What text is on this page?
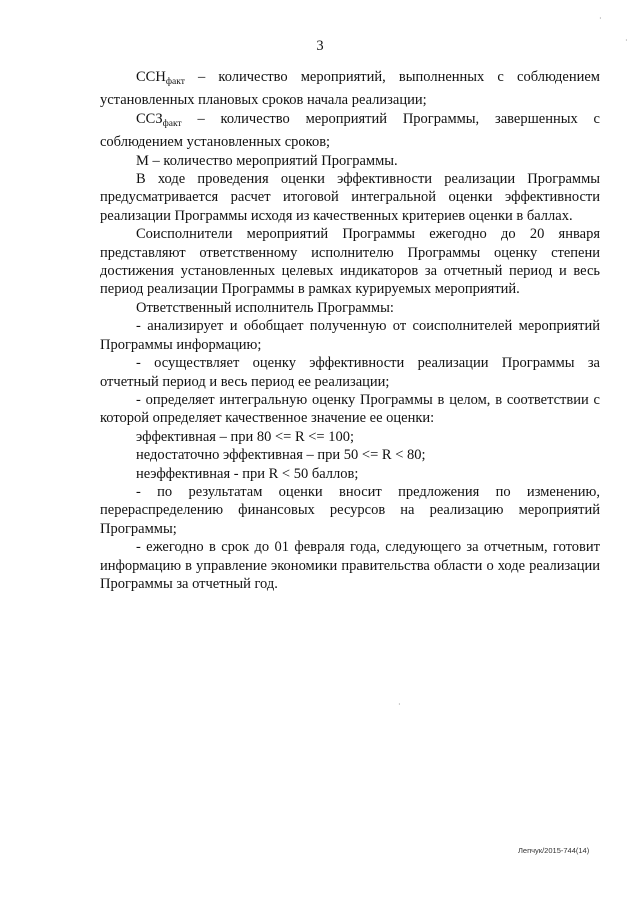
3

$ССН_{факт}$ – количество мероприятий, выполненных с соблюдением установленных плановых сроков начала реализации;

$ССЗ_{факт}$ – количество мероприятий Программы, завершенных с соблюдением установленных сроков;

М – количество мероприятий Программы.

В ходе проведения оценки эффективности реализации Программы предусматривается расчет итоговой интегральной оценки эффективности реализации Программы исходя из качественных критериев оценки в баллах.

Соисполнители мероприятий Программы ежегодно до 20 января представляют ответственному исполнителю Программы оценку степени достижения установленных целевых индикаторов за отчетный период и весь период реализации Программы в рамках курируемых мероприятий.

Ответственный исполнитель Программы:

- анализирует и обобщает полученную от соисполнителей мероприятий Программы информацию;

- осуществляет оценку эффективности реализации Программы за отчетный период и весь период ее реализации;

- определяет интегральную оценку Программы в целом, в соответствии с которой определяет качественное значение ее оценки:

эффективная – при 80 <= R <= 100;

недостаточно эффективная – при 50 <= R < 80;

неэффективная - при R < 50 баллов;

- по результатам оценки вносит предложения по изменению, перераспределению финансовых ресурсов на реализацию мероприятий Программы;

- ежегодно в срок до 01 февраля года, следующего за отчетным, готовит информацию в управление экономики правительства области о ходе реализации Программы за отчетный год.

·
·
·
Лепчук/2015-744(14)
